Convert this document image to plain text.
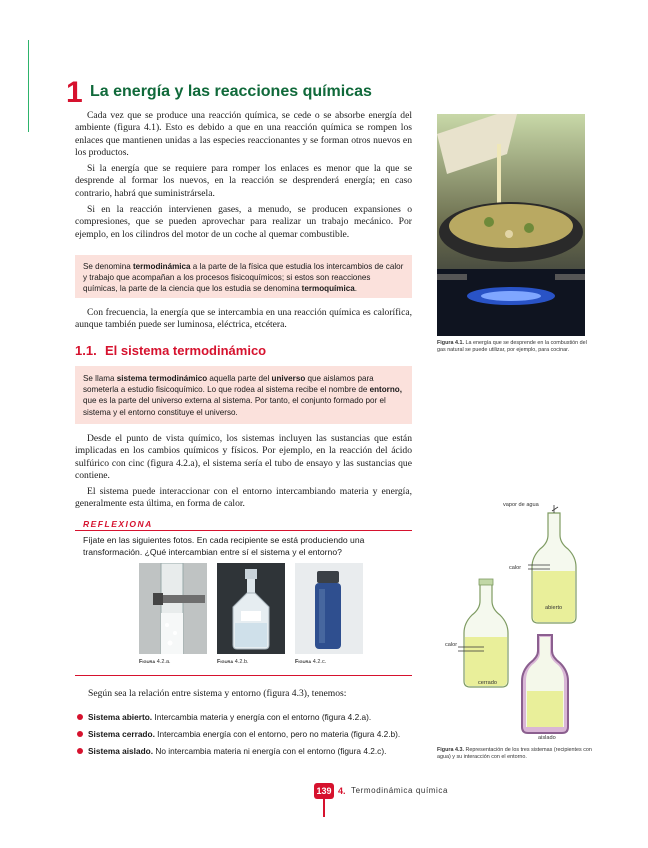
1 La energía y las reacciones químicas

Cada vez que se produce una reacción química, se cede o se absorbe energía del ambiente (figura 4.1). Esto es debido a que en una reacción química se rompen los enlaces que mantienen unidas a las especies reaccionantes y se forman otros nuevos en los productos.

Si la energía que se requiere para romper los enlaces es menor que la que se desprende al formar los nuevos, en la reacción se desprenderá energía; en caso contrario, habrá que suministrársela.

Si en la reacción intervienen gases, a menudo, se producen expansiones o compresiones, que se pueden aprovechar para realizar un trabajo mecánico. Por ejemplo, en los cilindros del motor de un coche al quemar combustible.

Se denomina termodinámica a la parte de la física que estudia los intercambios de calor y trabajo que acompañan a los procesos fisicoquímicos; si estos son reacciones químicas, la parte de la ciencia que los estudia se denomina termoquímica.

Con frecuencia, la energía que se intercambia en una reacción química es calorífica, aunque también puede ser luminosa, eléctrica, etcétera.

1.1. El sistema termodinámico
Se llama sistema termodinámico aquella parte del universo que aislamos para someterla a estudio fisicoquímico. Lo que rodea al sistema recibe el nombre de entorno, que es la parte del universo externa al sistema. Por tanto, el conjunto formado por el sistema y el entorno constituye el universo.

Desde el punto de vista químico, los sistemas incluyen las sustancias que están implicadas en los cambios químicos y físicos. Por ejemplo, en la reacción del ácido sulfúrico con cinc (figura 4.2.a), el sistema sería el tubo de ensayo y las sustancias que contiene.

El sistema puede interaccionar con el entorno intercambiando materia y energía, generalmente esta última, en forma de calor.

REFLEXIONA
Fíjate en las siguientes fotos. En cada recipiente se está produciendo una transformación. ¿Qué intercambian entre sí el sistema y el entorno?
Figura 4.2.a.	Figura 4.2.b.	Figura 4.2.c.
Según sea la relación entre sistema y entorno (figura 4.3), tenemos:
Sistema abierto. Intercambia materia y energía con el entorno (figura 4.2.a).
Sistema cerrado. Intercambia energía con el entorno, pero no materia (figura 4.2.b).
Sistema aislado. No intercambia materia ni energía con el entorno (figura 4.2.c).
Figura 4.1. La energía que se desprende en la combustión del gas natural se puede utilizar, por ejemplo, para cocinar.
vapor de agua
calor
abierto
calor
cerrado
aislado
Figura 4.3. Representación de los tres sistemas (recipientes con agua) y su interacción con el entorno.
139 4. Termodinámica química
